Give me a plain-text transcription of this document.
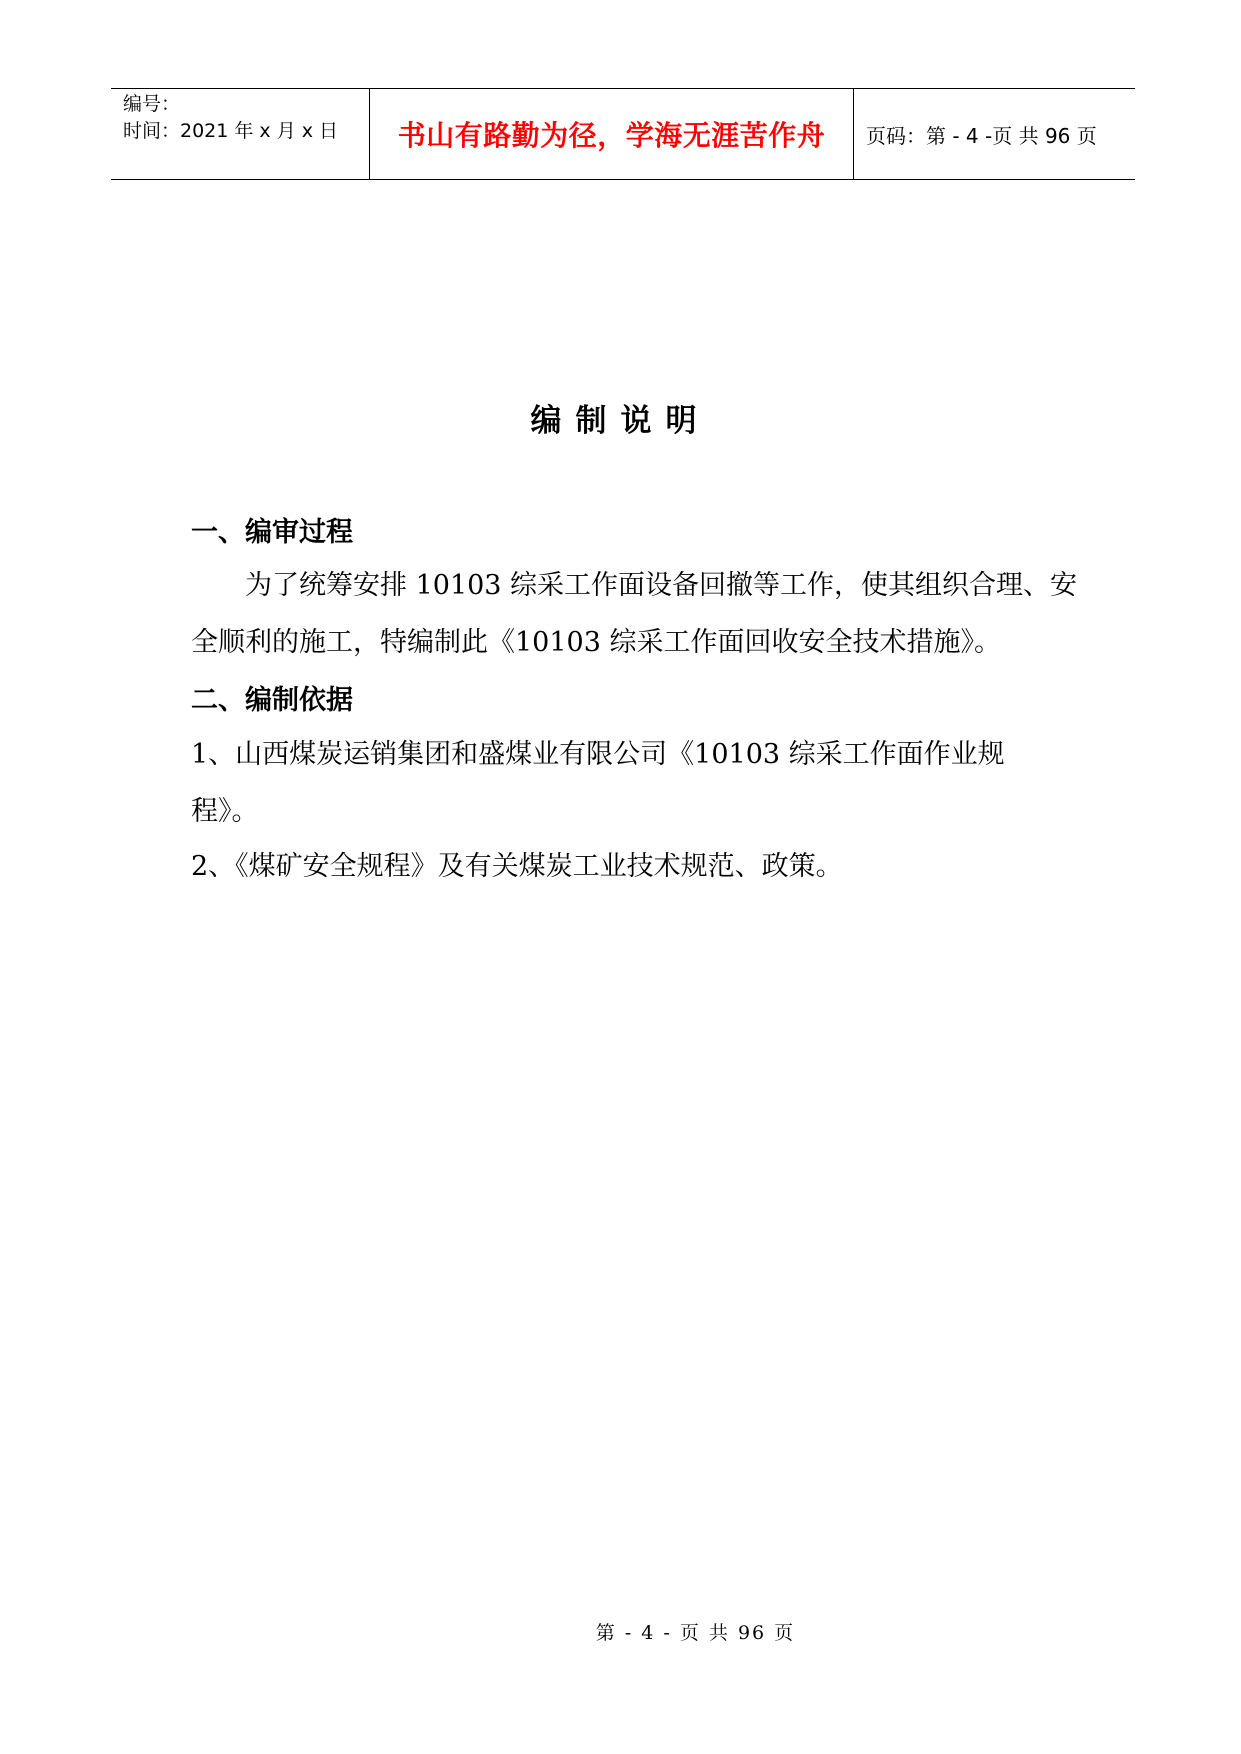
编号：
时间：2021 年 x 月 x 日	书山有路勤为径，学海无涯苦作舟 页码：第 - 4 -页 共 96 页
编制说明
一、编审过程
为了统筹安排 10103 综采工作面设备回撤等工作，使其组织合理、安全顺利的施工，特编制此《10103 综采工作面回收安全技术措施》。
二、编制依据
1、山西煤炭运销集团和盛煤业有限公司《10103 综采工作面作业规程》。
2、《煤矿安全规程》及有关煤炭工业技术规范、政策。
第 - 4 - 页 共 96 页
